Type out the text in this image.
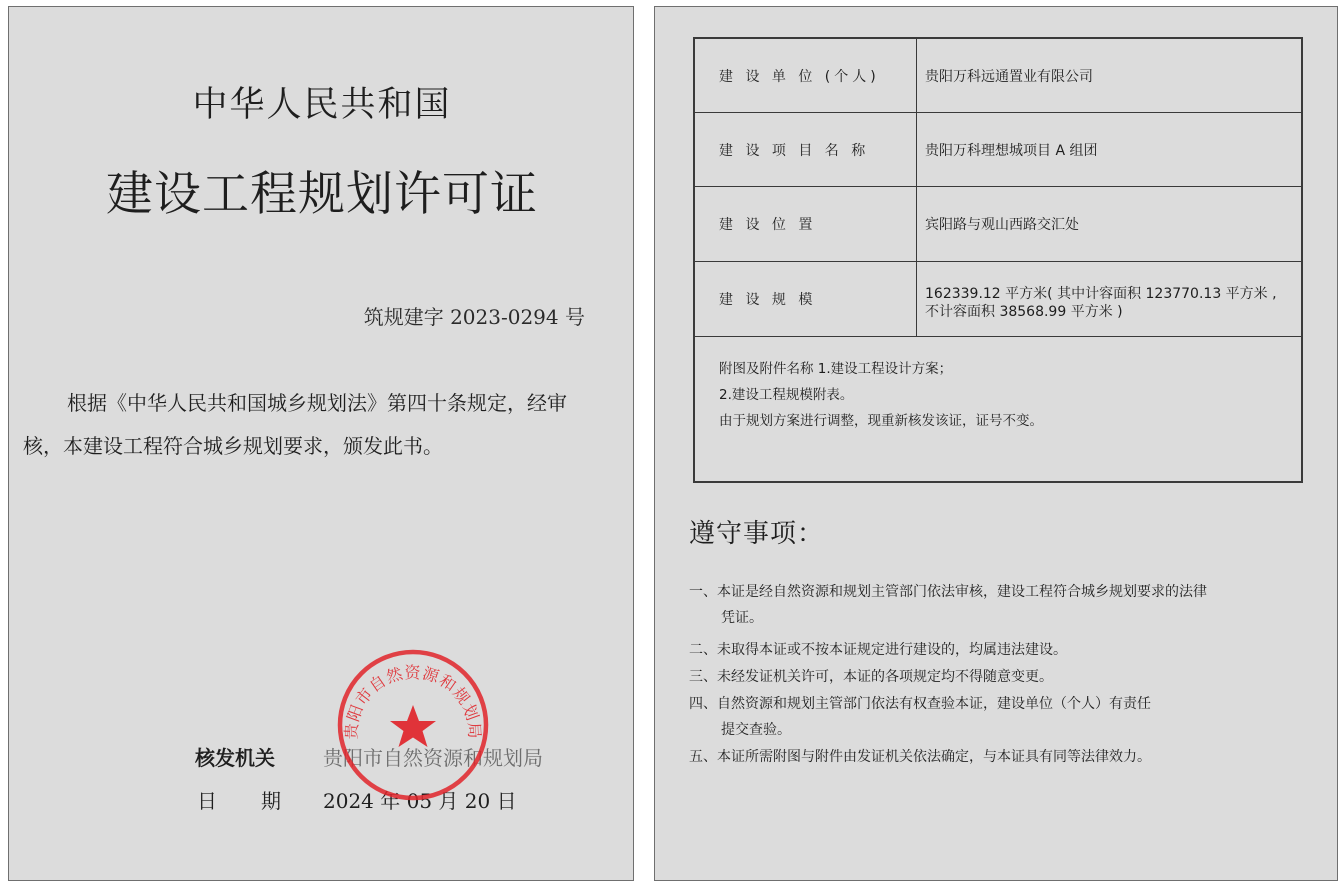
中华人民共和国
建设工程规划许可证
筑规建字 2023-0294 号
根据《中华人民共和国城乡规划法》第四十条规定，经审
核，本建设工程符合城乡规划要求，颁发此书。
核发机关 贵阳市自然资源和规划局
日 期 2024 年 05 月 20 日
贵阳市自然资源和规划局
建 设 单 位 (个人)	贵阳万科远通置业有限公司
建 设 项 目 名 称	贵阳万科理想城项目 A 组团
建 设 位 置	宾阳路与观山西路交汇处
建 设 规 模	162339.12 平方米( 其中计容面积 123770.13 平方米 ,
不计容面积 38568.99 平方米 )
附图及附件名称 1.建设工程设计方案；
2.建设工程规模附表。
由于规划方案进行调整，现重新核发该证，证号不变。
遵守事项：
一、本证是经自然资源和规划主管部门依法审核，建设工程符合城乡规划要求的法律
凭证。
二、未取得本证或不按本证规定进行建设的，均属违法建设。
三、未经发证机关许可，本证的各项规定均不得随意变更。
四、自然资源和规划主管部门依法有权查验本证，建设单位（个人）有责任
提交查验。
五、本证所需附图与附件由发证机关依法确定，与本证具有同等法律效力。
